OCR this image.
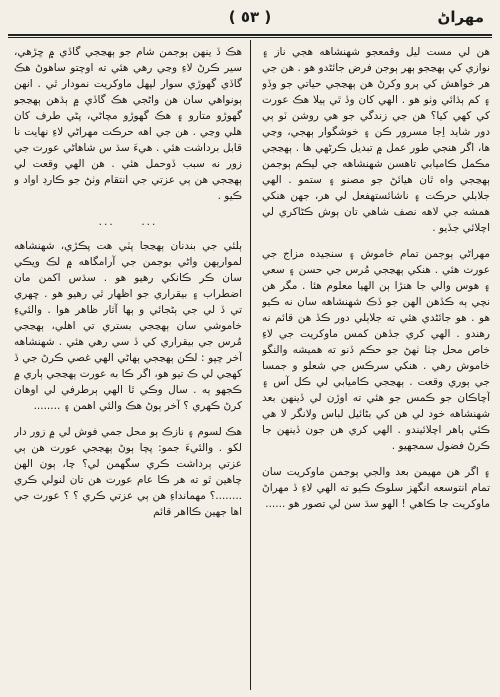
( ٥٣ )	مهراڻ

هن لي مست ليل وقمعجو شهنشاهه هجي ناز ۽ نوازي کي ٻهڃجو ٻهر ٻوجن فرض جائڻدو هو . هن جي هر خواهش کي ٻرو وکرڻ هن ٻهڃجي حياتي جو وڏو ۽ کم ٻڌائي وٺو هو . الهي کان وڏ ٿي ٻيلا هڪ عورت کي کهي کيا؟ هن جي زندگي جو هي روشن ٽو ٻي دور شايد اِجا مسرور ڪن ۽ خوشگوار ٻهجي، وڃي ها، اگر هنجي طور عمل ۾ تبديل ڪرڻهي ها . ٻهڃجي مڪمل ڪاميابي تاهسن شهنشاهه جي ليڪم ٻوجمن ٻهڃجي واه ٿان هيائڻ جو مصنو ۽ ستمو . الهي جلابلي حرڪت ۽ ناشائستهفعل لي هر، جهن هنکي همشه جي لاهه نصف شاهي تان ٻوش ڪڻاکري لي اچلائي جڏيو .

مهراڻي ٻوجمن تمام خاموش ۽ سنجيده مزاج جي عورت هئي . هنکي ٻهڃجي مُرس جي حسن ۽ سعي ۽ هوس والي جا هنڙا ٻن الهيا معلوم هئا . مگر هن نچي ٻه ڪڏهن الهن جو ڏڪ شهنشاهه سان نه ڪيو هو . هو جائڻدي هئي ته جلاٻلي دور ڪڏ هن قائم نه رهندو . الهي کري جڏهن کمس ماوکريت جي لاءِ خاص محل ڄٺا ٺهڻ جو حڪم ڏنو ته هميشه والنگو خاموش رهي . هنکي سرڪس جي شعلو و جمسا جي ٻوري وقعت . ٻهڃجي ڪاميابي لي ڪل آس ۽ آچاڪان جو ڪمس جو هئي ته اوڙن لي ڏينهن بعد شهنشاهه خود لي هن کي بڻائيل لباس ولانگر لا هي ڪئي ٻاهر اچلائيندو . الهي کري هن جون ڏينهن جا ڪرڻ فضول سمجهيو .

۽ اگر هن مهيمن بعد والجي ٻوجمن ماوکريت سان تمام انتوسعه انگهز سلوڪ ڪيو ته الهي لاءِ ڏ مهراڻ ماوکريت جا ڪاهي ! الهو سڌ سن لي تصور هو ......

هڪ ڏ ينهن ٻوجمن شام جو ٻهڃجي گاڏي ۾ ڇڙهي، سير ڪرڻ لاءِ وڃي رهي هئي ته اوچتو ساهوڻ هڪ گاڏي گهوڙي سوار لپهل ماوکريت نمودار ٿي . انهن ٻونواهي سان هن واڻجي هڪ گاڏي ۾ ٻڌهن ٻهڃجو گهوڙو متارو ۽ هڪ گهوڙو مچاڻي، پڻي طرف کان هلي وڃي . هن جي اهه حرڪت مهراڻي لاءِ نهايت نا قابل برداشت هئي . هيءَ سڌ س شاهاڻي عورت جي زور نه سبب ڏوحمل هئي . هن الهي وقعت لي ٻهڃجي هن ٻي عزتي جي انتقام وٺڻ جو ڪارڊ اواد و ڪيو .

...     ...

ٻلئي جي بندنان ٻهڃجا پٽي هت پڪڙي، شهنشاهه لموارٻهن واڻي بوجمن جي آرامگاهه ۾ لڪ ويڪي سان ڪر ڪانکي رهيو هو . سڌس اکمن مان اضطراب ۽ بيقراري جو اظهار ٿي رهيو هو . ڇهري تي ڏ لي جي ٻڻجائي و ٻها آثار ظاهر هوا . والئيءِ خاموشي سان ٻهڃجي بستري تي اهلي، ٻهڃجي مُرس جي بيقراري کي ڏ سي رهي هئي . شهنشاهه آخر چپو : لڪن ٻهڃجي ٻهاڻي الهي غصي ڪرڻ جي ڏ کهڃي لي ڪ تيو هو، اگر ڪا به عورت ٻهڃجي ٻاري ۾ ڪجهو ٻه . سال وڪي ٿا الهي ٻرطرفي لي اوهان کرڻ ڪهري ؟ آخر ٻوڻ هڪ والئي اهمن ۽ ........

هڪ لسوم ۽ نازڪ ٻو محل جمي فوش لي ۾ زور دار لکو . والئيءَ جمو: پچا ٻوڻ ٻهڃجي عورت هن ٻي عزتي ٻرداشت ڪري سگهمن لي؟ چا، ٻون الهن چاهين ٿو ته هر ڪا عام عورت هن تان لنولي ڪري ........؟ مهمانداءِ هن ٻي عزتي ڪري ؟ ؟ عورت جي اها جهين ڪااهر قائم
